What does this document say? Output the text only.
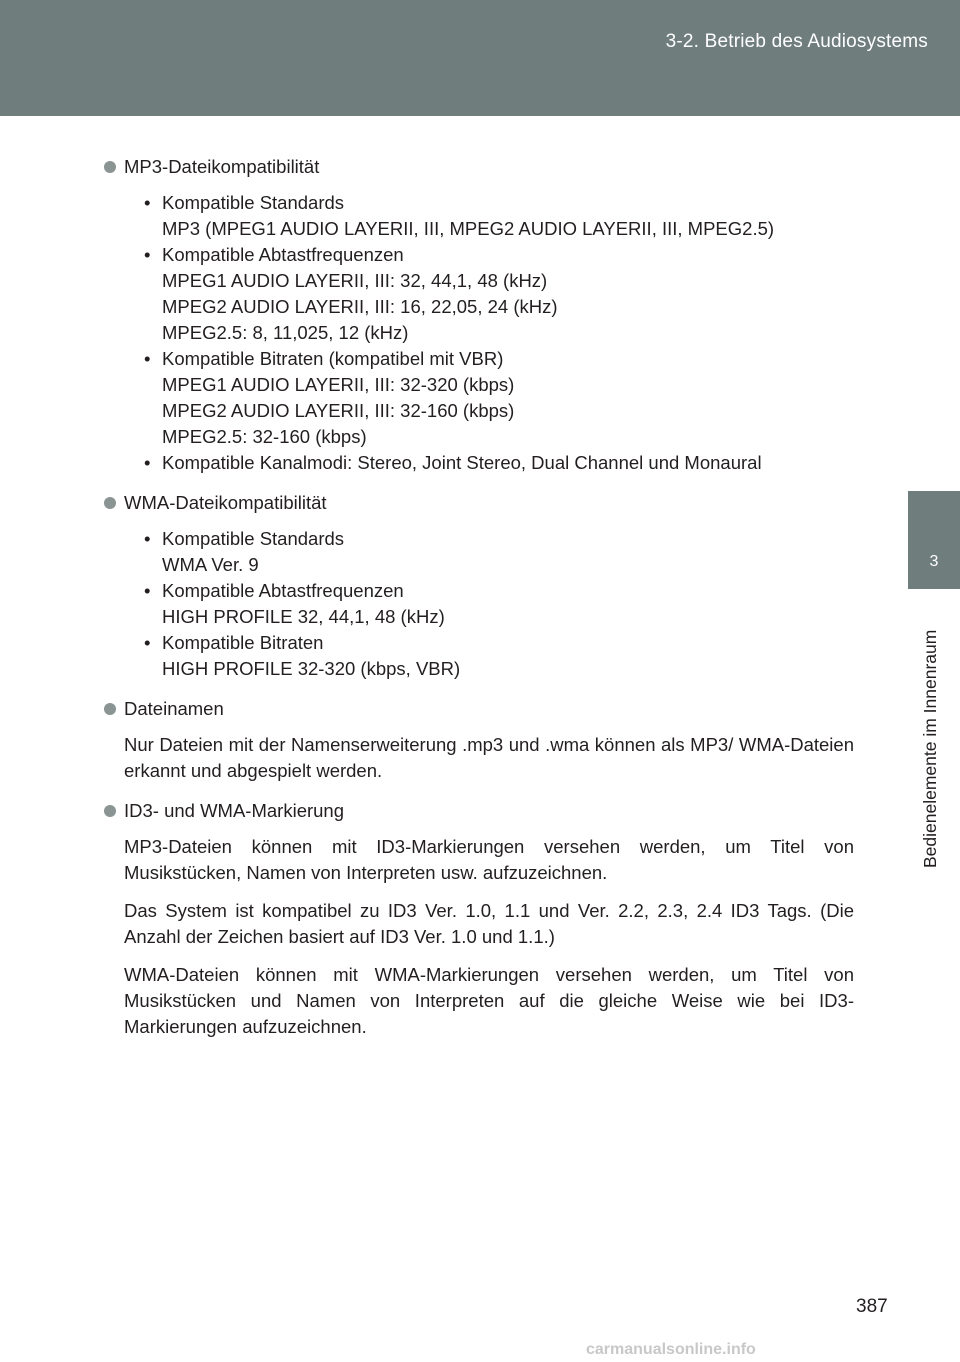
3-2. Betrieb des Audiosystems
3
Bedienelemente im Innenraum
MP3-Dateikompatibilität
• Kompatible Standards
MP3 (MPEG1 AUDIO LAYERII, III, MPEG2 AUDIO LAYERII, III, MPEG2.5)
• Kompatible Abtastfrequenzen
MPEG1 AUDIO LAYERII, III: 32, 44,1, 48 (kHz)
MPEG2 AUDIO LAYERII, III: 16, 22,05, 24 (kHz)
MPEG2.5: 8, 11,025, 12 (kHz)
• Kompatible Bitraten (kompatibel mit VBR)
MPEG1 AUDIO LAYERII, III: 32-320 (kbps)
MPEG2 AUDIO LAYERII, III: 32-160 (kbps)
MPEG2.5: 32-160 (kbps)
• Kompatible Kanalmodi: Stereo, Joint Stereo, Dual Channel und Monaural
WMA-Dateikompatibilität
• Kompatible Standards
WMA Ver. 9
• Kompatible Abtastfrequenzen
HIGH PROFILE 32, 44,1, 48 (kHz)
• Kompatible Bitraten
HIGH PROFILE 32-320 (kbps, VBR)
Dateinamen
Nur Dateien mit der Namenserweiterung .mp3 und .wma können als MP3/ WMA-Dateien erkannt und abgespielt werden.
ID3- und WMA-Markierung
MP3-Dateien können mit ID3-Markierungen versehen werden, um Titel von Musikstücken, Namen von Interpreten usw. aufzuzeichnen.
Das System ist kompatibel zu ID3 Ver. 1.0, 1.1 und Ver. 2.2, 2.3, 2.4 ID3 Tags. (Die Anzahl der Zeichen basiert auf ID3 Ver. 1.0 und 1.1.)
WMA-Dateien können mit WMA-Markierungen versehen werden, um Titel von Musikstücken und Namen von Interpreten auf die gleiche Weise wie bei ID3-Markierungen aufzuzeichnen.
387
carmanualsonline.info
